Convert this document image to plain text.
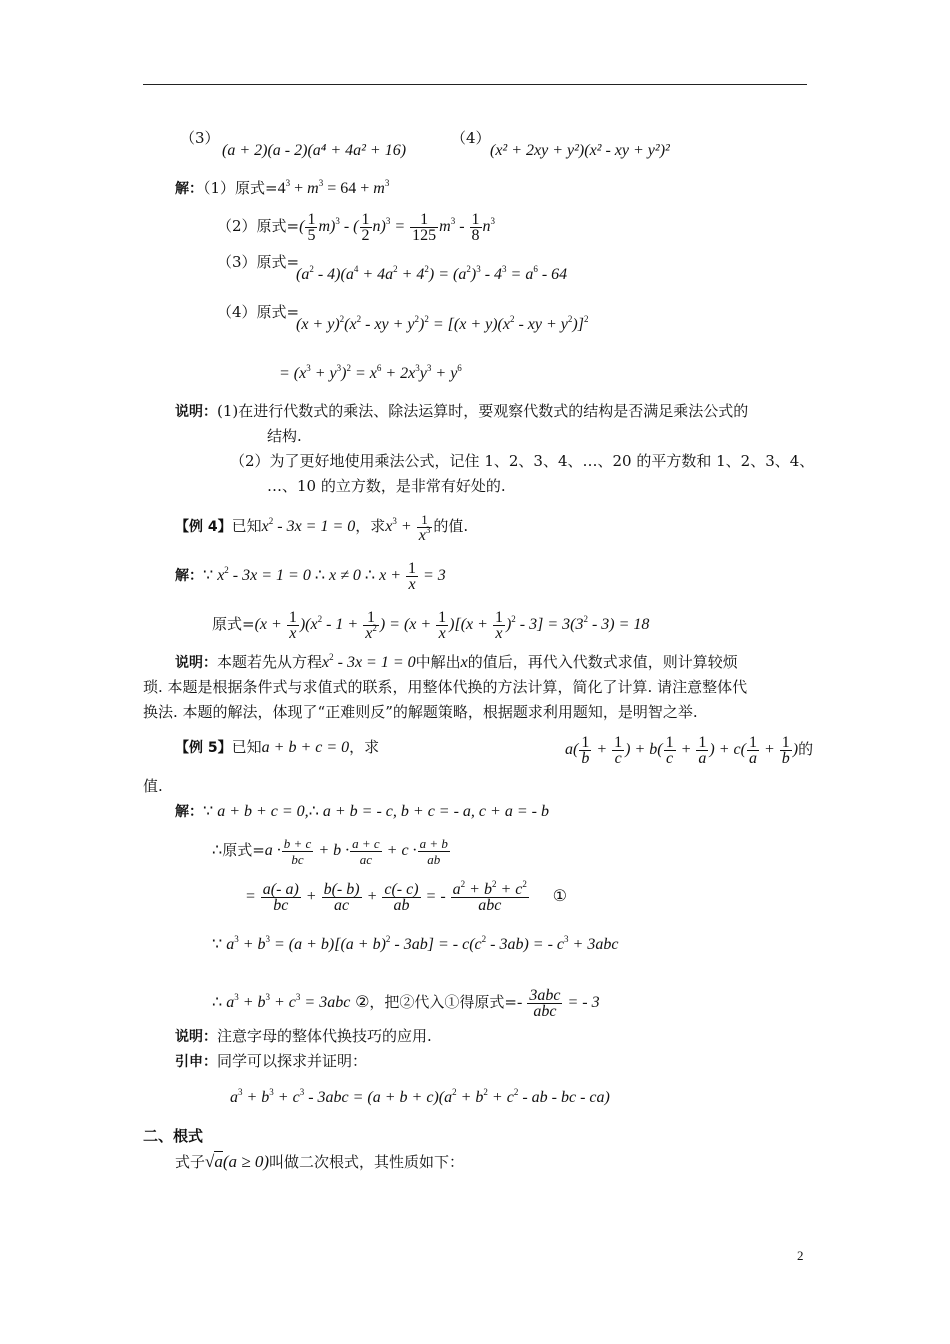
（3）
(a + 2)(a - 2)(a⁴ + 4a² + 16)
（4）
(x² + 2xy + y²)(x² - xy + y²)²
解：（1）原式$=4^3 + m^3 = 64 + m^3$
（2）原式=( $\frac{1}{5} m)^3$ - ( $\frac{1}{2} n)^3 = \frac{1}{125} m^3 - \frac{1}{8} n^3$
（3）原式=
$(a^2 - 4)(a^4 + 4a^2 + 4^2) = (a^2)^3 - 4^3 = a^6 - 64$
（4）原式=
$(x + y)^2(x^2$ - xy + $y^2)^2 = [(x + y)(x^2$ - xy + $y^2)]^2$
= $(x^3 + y^3)^2 = x^6 + 2x^3y^3 + y^6$
说明：(1)在进行代数式的乘法、除法运算时，要观察代数式的结构是否满足乘法公式的
结构.
（2）为了更好地使用乘法公式，记住 1、2、3、4、…、20 的平方数和 1、2、3、4、
…、10 的立方数，是非常有好处的.
【例 4】已知$x^2 - 3x = 1 = 0$，求$x^3 + 1$
$x^3$ 的值.
解：∵ $x^2 - 3x = 1 = 0$ ∴ x ≠ 0 ∴ $x + \frac{1}{x} = 3$
原式$=(x + \frac{1}{x} )(x^2 - 1 + \frac{1}{x^2}$ ) = $(x + \frac{1}{x} )[(x + \frac{1}{x} )^2 - 3] = 3(3^2 - 3) = 18$
说明：本题若先从方程$x^2 - 3x = 1 = 0$中解出x的值后，再代入代数式求值，则计算较烦
琐. 本题是根据条件式与求值式的联系，用整体代换的方法计算，简化了计算. 请注意整体代
换法. 本题的解法，体现了“正难则反”的解题策略，根据题求利用题知，是明智之举.
【例 5】已知a + b + c = 0，求	$a( \frac{1}{b} + \frac{1}{c}$ ) + $b( \frac{1}{c} + \frac{1}{a}$ ) + $c( \frac{1}{a} + \frac{1}{b}$ )的
值.
解：∵ a + b + c = 0,∴ a + b = - c, b + c = - a, c + a = - b
∴原式$=a \cdot \frac{b + c}{bc} + b \cdot \frac{a + c}{ac} + c \cdot \frac{a + b}{ab}$
= $\frac{a(- a)}{bc} + \frac{b(- b)}{ac} + \frac{c(- c)}{ab}$ = - $a^2 + b^2 + c^2$
abc
①
∵ $a^3 + b^3 = (a + b)[(a + b)^2 - 3ab]$ = - $c(c^2 - 3ab)$ = - $c^3 + 3abc$
∴ $a^3 + b^3 + c^3 = 3abc$ ②，把②代入①得原式=- 3abc
abc
= - 3
说明：注意字母的整体代换技巧的应用.
引申：同学可以探求并证明：
$a^3 + b^3 + c^3 - 3abc = (a + b + c)(a^2 + b^2 + c^2$ - ab - bc - ca)
二、根式
式子√a(a ≥ 0)叫做二次根式，其性质如下：
2
